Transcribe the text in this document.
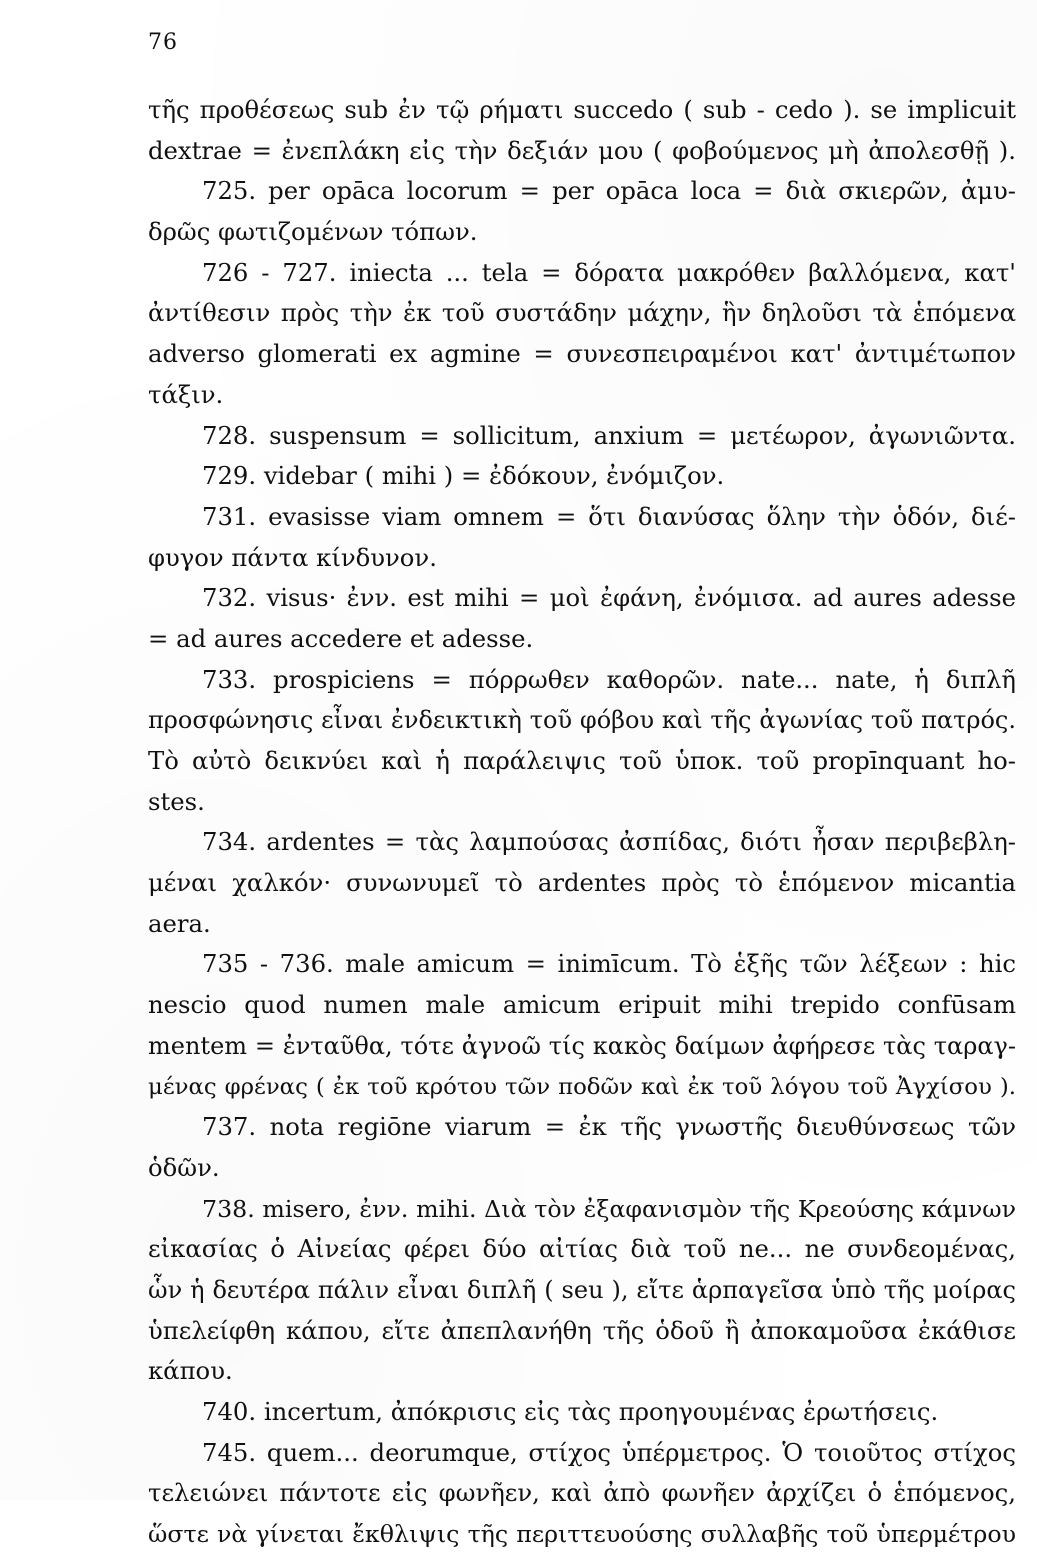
76
τῆς προθέσεως sub ἐν τῷ ρήματι succedo ( sub - cedo ). se implicuit
dextrae = ἐνεπλάκη εἰς τὴν δεξιάν μου ( φοβούμενος μὴ ἀπολεσθῇ ).
725. per opāca locorum = per opāca loca = διὰ σκιερῶν, ἀμυ-
δρῶς φωτιζομένων τόπων.
726 - 727. iniecta ... tela = δόρατα μακρόθεν βαλλόμενα, κατ'
ἀντίθεσιν πρὸς τὴν ἐκ τοῦ συστάδην μάχην, ἣν δηλοῦσι τὰ ἑπόμενα
adverso glomerati ex agmine = συνεσπειραμένοι κατ' ἀντιμέτωπον
τάξιν.
728. suspensum = sollicitum, anxium = μετέωρον, ἀγωνιῶντα.
729. videbar ( mihi ) = ἐδόκουν, ἐνόμιζον.
731. evasisse viam omnem = ὅτι διανύσας ὅλην τὴν ὁδόν, διέ-
φυγον πάντα κίνδυνον.
732. visus· ἐνν. est mihi = μοὶ ἐφάνη, ἐνόμισα. ad aures adesse
= ad aures accedere et adesse.
733. prospiciens = πόρρωθεν καθορῶν. nate... nate, ἡ διπλῆ
προσφώνησις εἶναι ἐνδεικτικὴ τοῦ φόβου καὶ τῆς ἀγωνίας τοῦ πατρός.
Τὸ αὐτὸ δεικνύει καὶ ἡ παράλειψις τοῦ ὑποκ. τοῦ propīnquant ho-
stes.
734. ardentes = τὰς λαμπούσας ἀσπίδας, διότι ἦσαν περιβεβλη-
μέναι χαλκόν· συνωνυμεῖ τὸ ardentes πρὸς τὸ ἑπόμενον micantia
aera.
735 - 736. male amicum = inimīcum. Τὸ ἑξῆς τῶν λέξεων : hic
nescio quod numen male amicum eripuit mihi trepido confūsam
mentem = ἐνταῦθα, τότε ἀγνοῶ τίς κακὸς δαίμων ἀφήρεσε τὰς ταραγ-
μένας φρένας ( ἐκ τοῦ κρότου τῶν ποδῶν καὶ ἐκ τοῦ λόγου τοῦ Ἀγχίσου ).
737. nota regiōne viarum = ἐκ τῆς γνωστῆς διευθύνσεως τῶν
ὁδῶν.
738. misero, ἐνν. mihi. Διὰ τὸν ἐξαφανισμὸν τῆς Κρεούσης κάμνων
εἰκασίας ὁ Αἰνείας φέρει δύο αἰτίας διὰ τοῦ ne... ne συνδεομένας,
ὧν ἡ δευτέρα πάλιν εἶναι διπλῆ ( seu ), εἴτε ἁρπαγεῖσα ὑπὸ τῆς μοίρας
ὑπελείφθη κάπου, εἴτε ἀπεπλανήθη τῆς ὁδοῦ ἢ ἀποκαμοῦσα ἐκάθισε
κάπου.
740. incertum, ἀπόκρισις εἰς τὰς προηγουμένας ἐρωτήσεις.
745. quem... deorumque, στίχος ὑπέρμετρος. Ὁ τοιοῦτος στίχος
τελειώνει πάντοτε εἰς φωνῆεν, καὶ ἀπὸ φωνῆεν ἀρχίζει ὁ ἑπόμενος,
ὥστε νὰ γίνεται ἔκθλιψις τῆς περιττευούσης συλλαβῆς τοῦ ὑπερμέτρου
